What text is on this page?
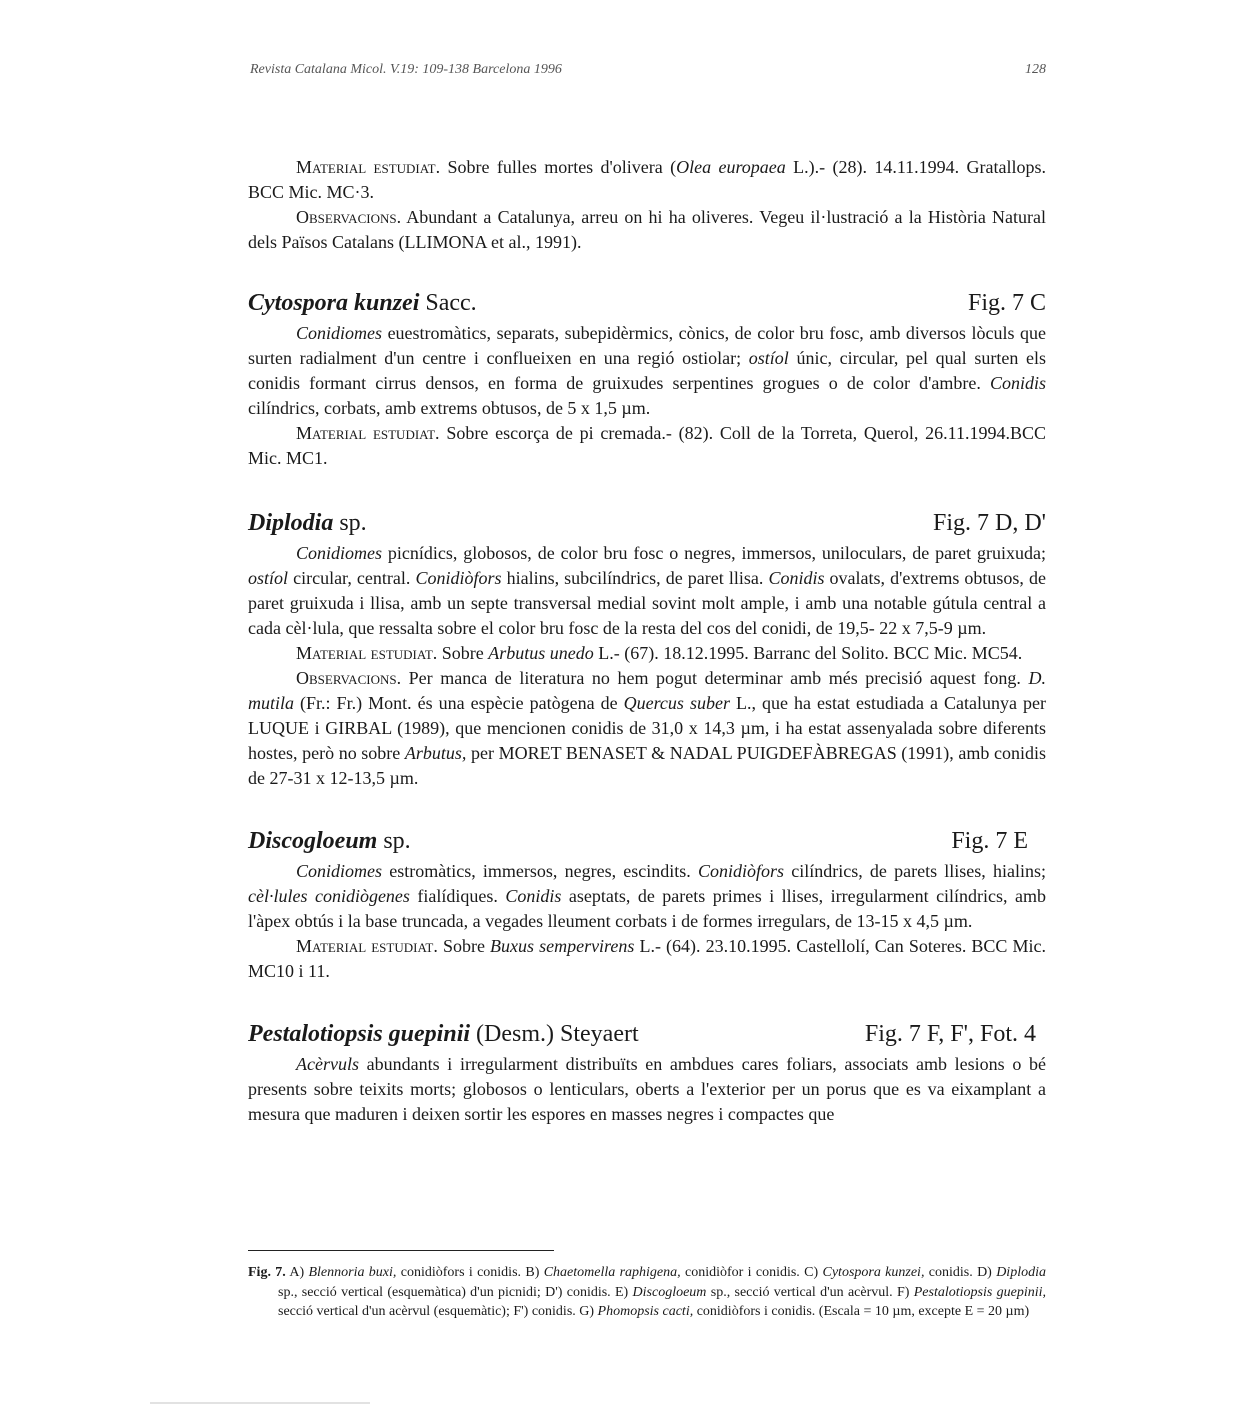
Revista Catalana Micol. V.19: 109-138 Barcelona 1996	128

Material estudiat. Sobre fulles mortes d'olivera (Olea europaea L.).- (28). 14.11.1994. Gratallops. BCC Mic. MC·3.

Observacions. Abundant a Catalunya, arreu on hi ha oliveres. Vegeu il·lustració a la Història Natural dels Països Catalans (LLIMONA et al., 1991).

Cytospora kunzei Sacc.	Fig. 7 C

Conidiomes euestromàtics, separats, subepidèrmics, cònics, de color bru fosc, amb diversos lòculs que surten radialment d'un centre i conflueixen en una regió ostiolar; ostíol únic, circular, pel qual surten els conidis formant cirrus densos, en forma de gruixudes serpentines grogues o de color d'ambre. Conidis cilíndrics, corbats, amb extrems obtusos, de 5 x 1,5 µm.

Material estudiat. Sobre escorça de pi cremada.- (82). Coll de la Torreta, Querol, 26.11.1994.BCC Mic. MC1.

Diplodia sp.	Fig. 7 D, D'

Conidiomes picnídics, globosos, de color bru fosc o negres, immersos, uniloculars, de paret gruixuda; ostíol circular, central. Conidiòfors hialins, subcilíndrics, de paret llisa. Conidis ovalats, d'extrems obtusos, de paret gruixuda i llisa, amb un septe transversal medial sovint molt ample, i amb una notable gútula central a cada cèl·lula, que ressalta sobre el color bru fosc de la resta del cos del conidi, de 19,5- 22 x 7,5-9 µm.

Material estudiat. Sobre Arbutus unedo L.- (67). 18.12.1995. Barranc del Solito. BCC Mic. MC54.

Observacions. Per manca de literatura no hem pogut determinar amb més precisió aquest fong. D. mutila (Fr.: Fr.) Mont. és una espècie patògena de Quercus suber L., que ha estat estudiada a Catalunya per LUQUE i GIRBAL (1989), que mencionen conidis de 31,0 x 14,3 µm, i ha estat assenyalada sobre diferents hostes, però no sobre Arbutus, per MORET BENASET & NADAL PUIGDEFÀBREGAS (1991), amb conidis de 27-31 x 12-13,5 µm.

Discogloeum sp.	Fig. 7 E

Conidiomes estromàtics, immersos, negres, escindits. Conidiòfors cilíndrics, de parets llises, hialins; cèl·lules conidiògenes fialídiques. Conidis aseptats, de parets primes i llises, irregularment cilíndrics, amb l'àpex obtús i la base truncada, a vegades lleument corbats i de formes irregulars, de 13-15 x 4,5 µm.

Material estudiat. Sobre Buxus sempervirens L.- (64). 23.10.1995. Castellolí, Can Soteres. BCC Mic. MC10 i 11.

Pestalotiopsis guepinii (Desm.) Steyaert	Fig. 7 F, F', Fot. 4

Acèrvuls abundants i irregularment distribuïts en ambdues cares foliars, associats amb lesions o bé presents sobre teixits morts; globosos o lenticulars, oberts a l'exterior per un porus que es va eixamplant a mesura que maduren i deixen sortir les espores en masses negres i compactes que

Fig. 7. A) Blennoria buxi, conidiòfors i conidis. B) Chaetomella raphigena, conidiòfor i conidis. C) Cytospora kunzei, conidis. D) Diplodia sp., secció vertical (esquemàtica) d'un picnidi; D') conidis. E) Discogloeum sp., secció vertical d'un acèrvul. F) Pestalotiopsis guepinii, secció vertical d'un acèrvul (esquemàtic); F') conidis. G) Phomopsis cacti, conidiòfors i conidis. (Escala = 10 µm, excepte E = 20 µm)
